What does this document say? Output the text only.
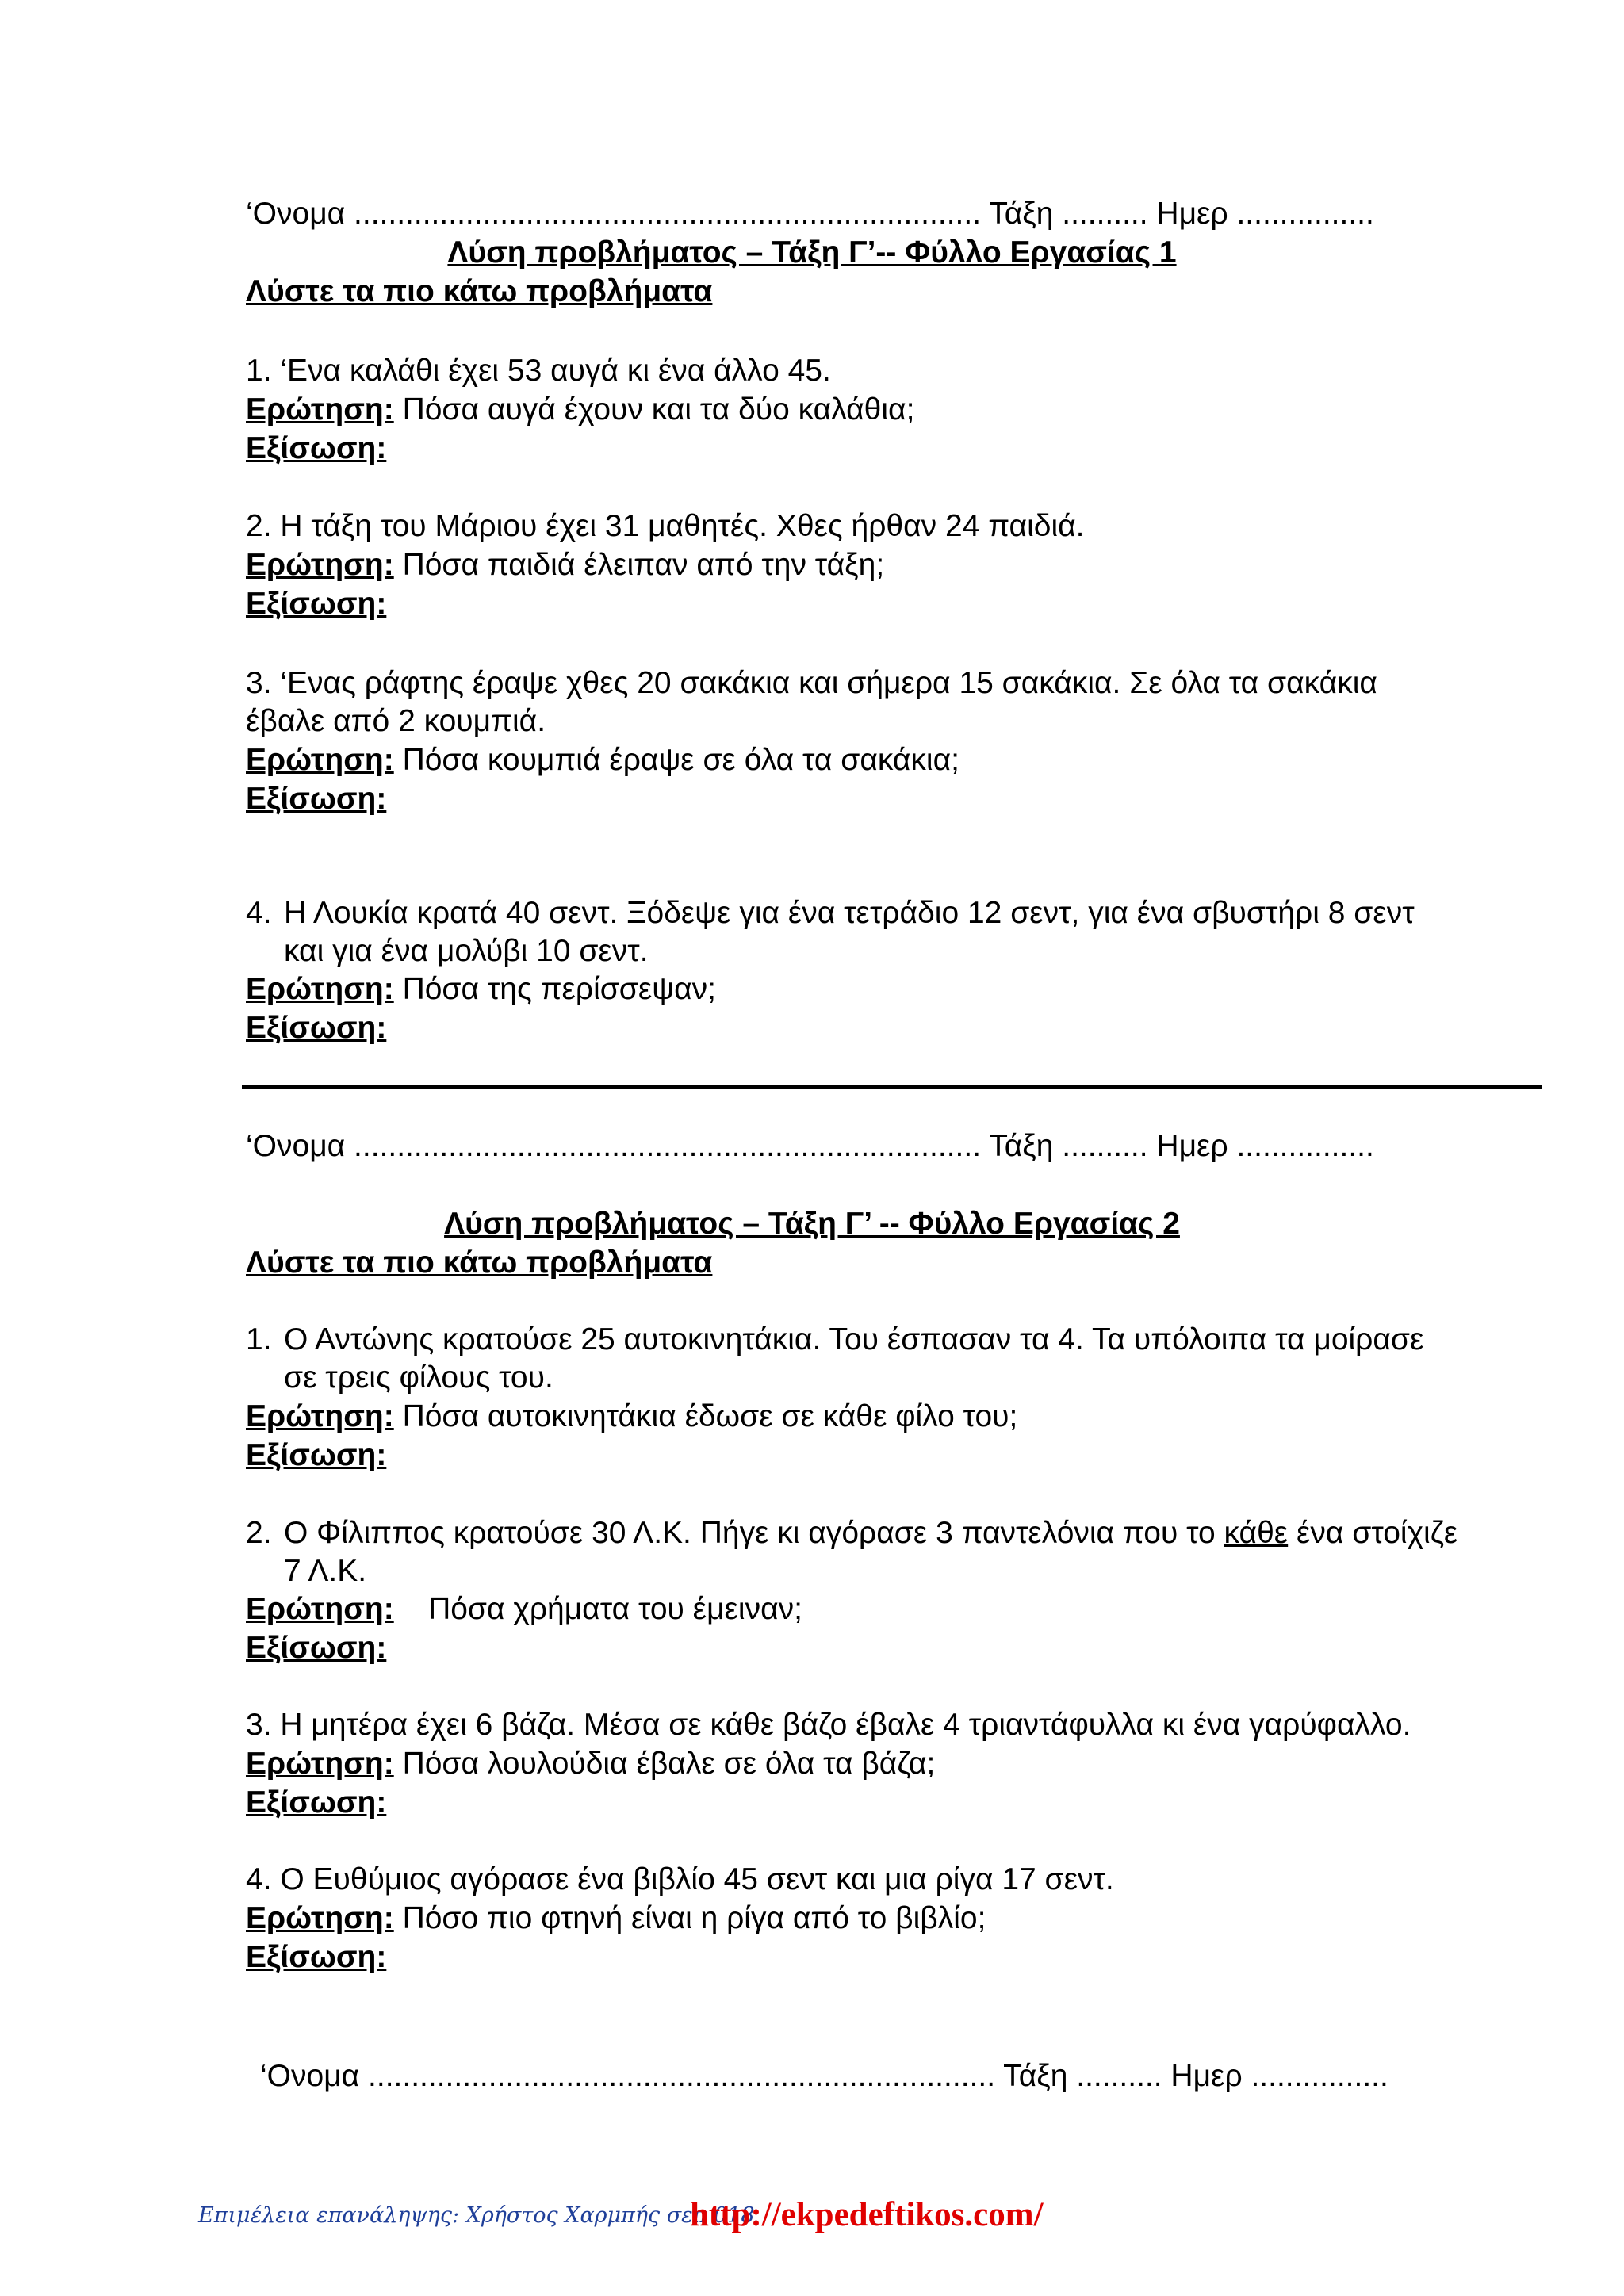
‘Ονομα ......................................................................... Τάξη .......... Ημερ ................
Λύση προβλήματος – Τάξη Γ’-- Φύλλο Εργασίας 1
Λύστε τα πιο κάτω προβλήματα
1. ‘Ενα καλάθι έχει 53 αυγά κι ένα άλλο 45.
Ερώτηση: Πόσα αυγά έχουν και τα δύο καλάθια;
Εξίσωση:
2. Η τάξη του Μάριου έχει 31 μαθητές. Χθες ήρθαν 24 παιδιά.
Ερώτηση: Πόσα παιδιά έλειπαν από την τάξη;
Εξίσωση:
3. ‘Ενας ράφτης έραψε χθες 20 σακάκια και σήμερα 15 σακάκια. Σε όλα τα σακάκια
έβαλε από 2 κουμπιά.
Ερώτηση: Πόσα κουμπιά έραψε σε όλα τα σακάκια;
Εξίσωση:
4. Η Λουκία κρατά 40 σεντ. Ξόδεψε για ένα τετράδιο 12 σεντ, για ένα σβυστήρι 8 σεντ
και για ένα μολύβι 10 σεντ.
Ερώτηση: Πόσα της περίσσεψαν;
Εξίσωση:
‘Ονομα ......................................................................... Τάξη .......... Ημερ ................
Λύση προβλήματος – Τάξη Γ’ -- Φύλλο Εργασίας 2
Λύστε τα πιο κάτω προβλήματα
1. Ο Αντώνης κρατούσε 25 αυτοκινητάκια. Του έσπασαν τα 4. Τα υπόλοιπα τα μοίρασε
σε τρεις φίλους του.
Ερώτηση: Πόσα αυτοκινητάκια έδωσε σε κάθε φίλο του;
Εξίσωση:
2. Ο Φίλιππος κρατούσε 30 Λ.Κ. Πήγε κι αγόρασε 3 παντελόνια που το κάθε ένα στοίχιζε
7 Λ.Κ.
Ερώτηση: Πόσα χρήματα του έμειναν;
Εξίσωση:
3. Η μητέρα έχει 6 βάζα. Μέσα σε κάθε βάζο έβαλε 4 τριαντάφυλλα κι ένα γαρύφαλλο.
Ερώτηση: Πόσα λουλούδια έβαλε σε όλα τα βάζα;
Εξίσωση:
4. Ο Ευθύμιος αγόρασε ένα βιβλίο 45 σεντ και μια ρίγα 17 σεντ.
Ερώτηση: Πόσο πιο φτηνή είναι η ρίγα από το βιβλίο;
Εξίσωση:
‘Ονομα ......................................................................... Τάξη .......... Ημερ ................
Επιμέλεια επανάληψης: Χρήστος Χαρμπής σεπ 018
http://ekpedeftikos.com/
